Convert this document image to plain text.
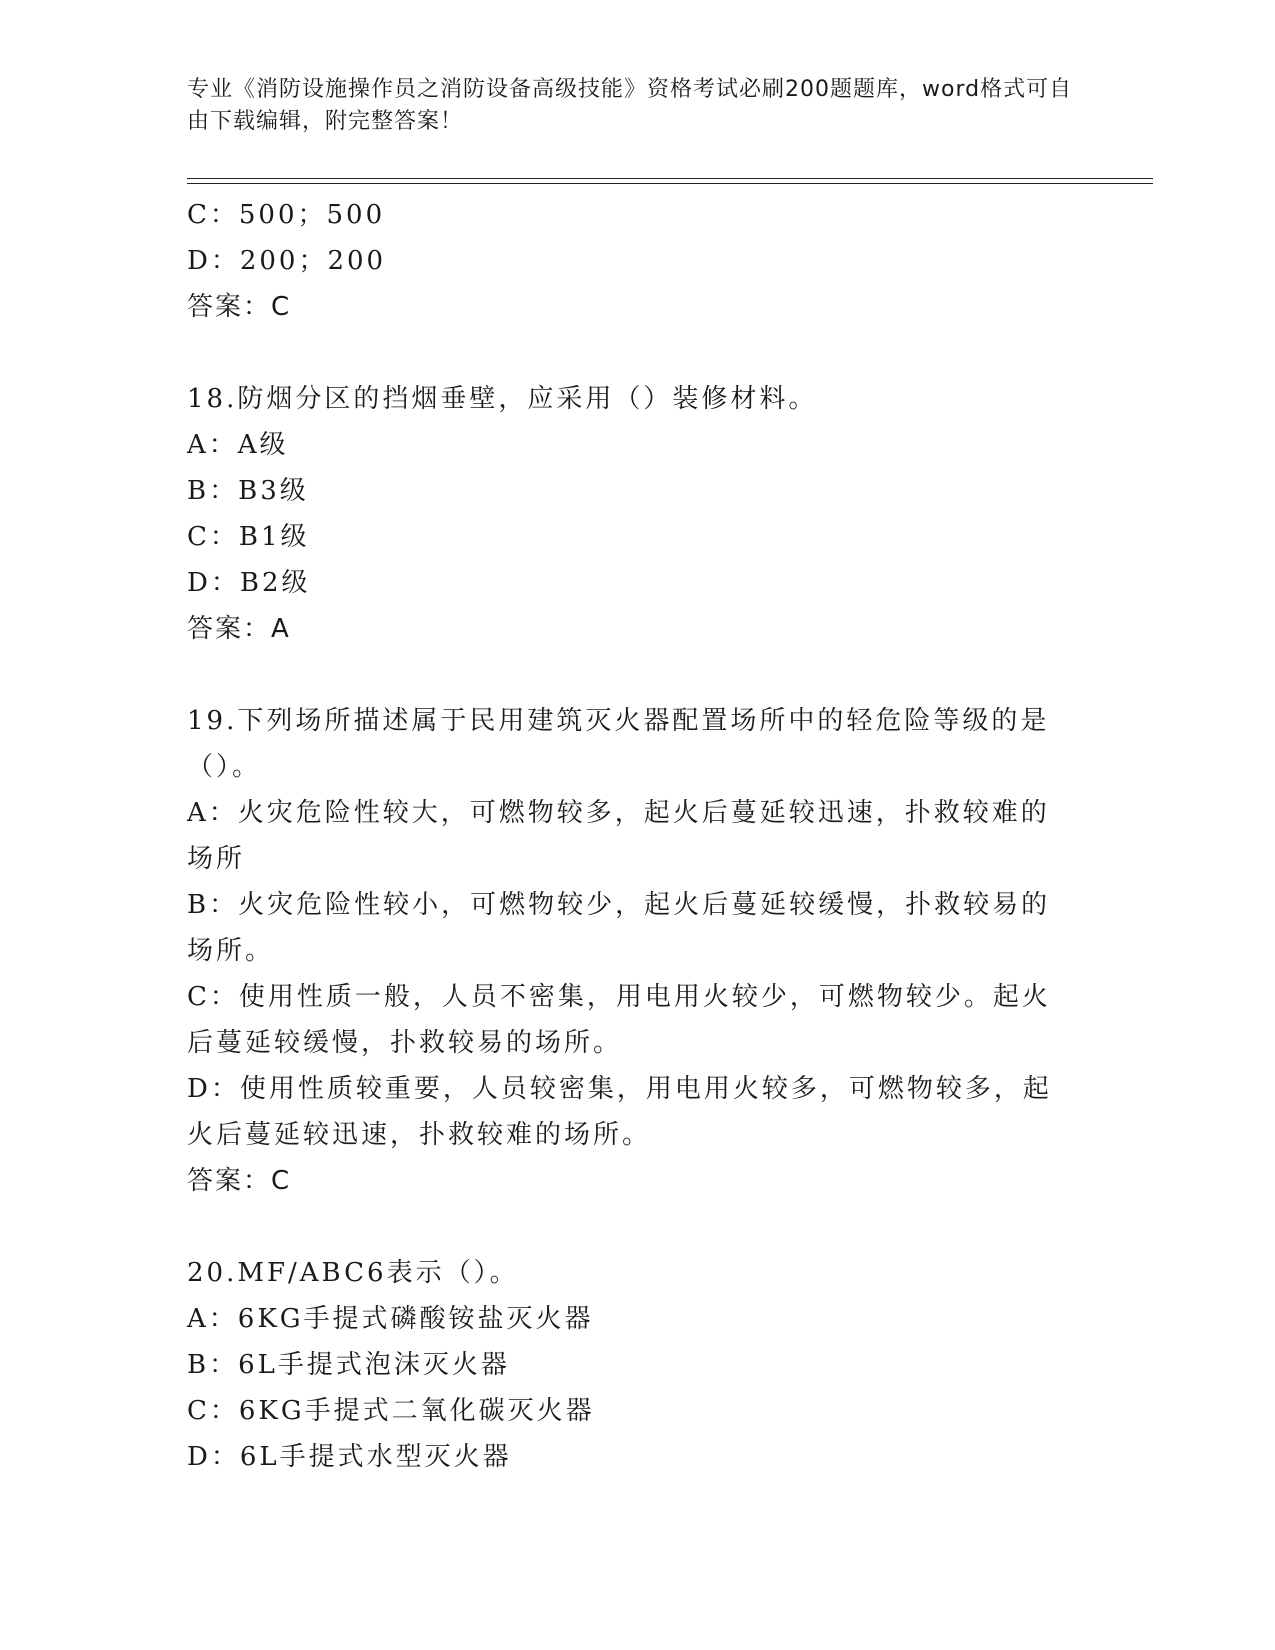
专业《消防设施操作员之消防设备高级技能》资格考试必刷200题题库，word格式可自由下载编辑，附完整答案！
C：500；500
D：200；200
答案：C
18.防烟分区的挡烟垂壁，应采用（）装修材料。
A：A级
B：B3级
C：B1级
D：B2级
答案：A
19.下列场所描述属于民用建筑灭火器配置场所中的轻危险等级的是（）。
A：火灾危险性较大，可燃物较多，起火后蔓延较迅速，扑救较难的场所
B：火灾危险性较小，可燃物较少，起火后蔓延较缓慢，扑救较易的场所。
C：使用性质一般，人员不密集，用电用火较少，可燃物较少。起火后蔓延较缓慢，扑救较易的场所。
D：使用性质较重要，人员较密集，用电用火较多，可燃物较多，起火后蔓延较迅速，扑救较难的场所。
答案：C
20.MF/ABC6表示（）。
A：6KG手提式磷酸铵盐灭火器
B：6L手提式泡沫灭火器
C：6KG手提式二氧化碳灭火器
D：6L手提式水型灭火器
